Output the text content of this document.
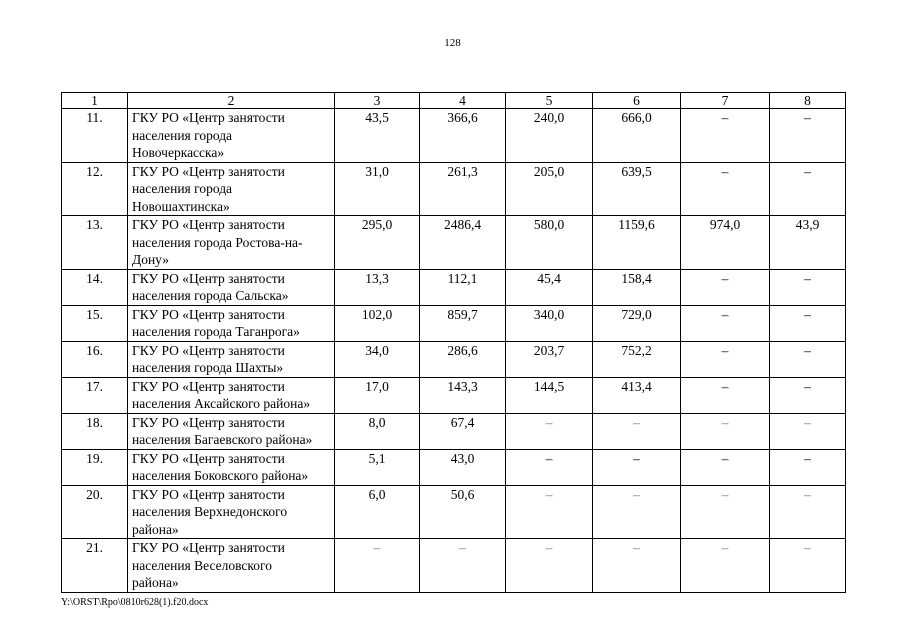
128
1	2	3	4	5	6	7	8
11.	ГКУ РО «Центр занятости
населения города
Новочеркасска»	43,5	366,6	240,0	666,0	–	–
12.	ГКУ РО «Центр занятости
населения города
Новошахтинска»	31,0	261,3	205,0	639,5	–	–
13.	ГКУ РО «Центр занятости
населения города Ростова-на-
Дону»	295,0	2486,4	580,0	1159,6	974,0	43,9
14.	ГКУ РО «Центр занятости
населения города Сальска»	13,3	112,1	45,4	158,4	–	–
15.	ГКУ РО «Центр занятости
населения города Таганрога»	102,0	859,7	340,0	729,0	–	–
16.	ГКУ РО «Центр занятости
населения города Шахты»	34,0	286,6	203,7	752,2	–	–
17.	ГКУ РО «Центр занятости
населения Аксайского района»	17,0	143,3	144,5	413,4	–	–
18.	ГКУ РО «Центр занятости
населения Багаевского района»	8,0	67,4	–	–	–	–
19.	ГКУ РО «Центр занятости
населения Боковского района»	5,1	43,0	–	–	–	–
20.	ГКУ РО «Центр занятости
населения Верхнедонского
района»	6,0	50,6	–	–	–	–
21.	ГКУ РО «Центр занятости
населения Веселовского
района»	–	–	–	–	–	–
Y:\ORST\Rpo\0810r628(1).f20.docx
